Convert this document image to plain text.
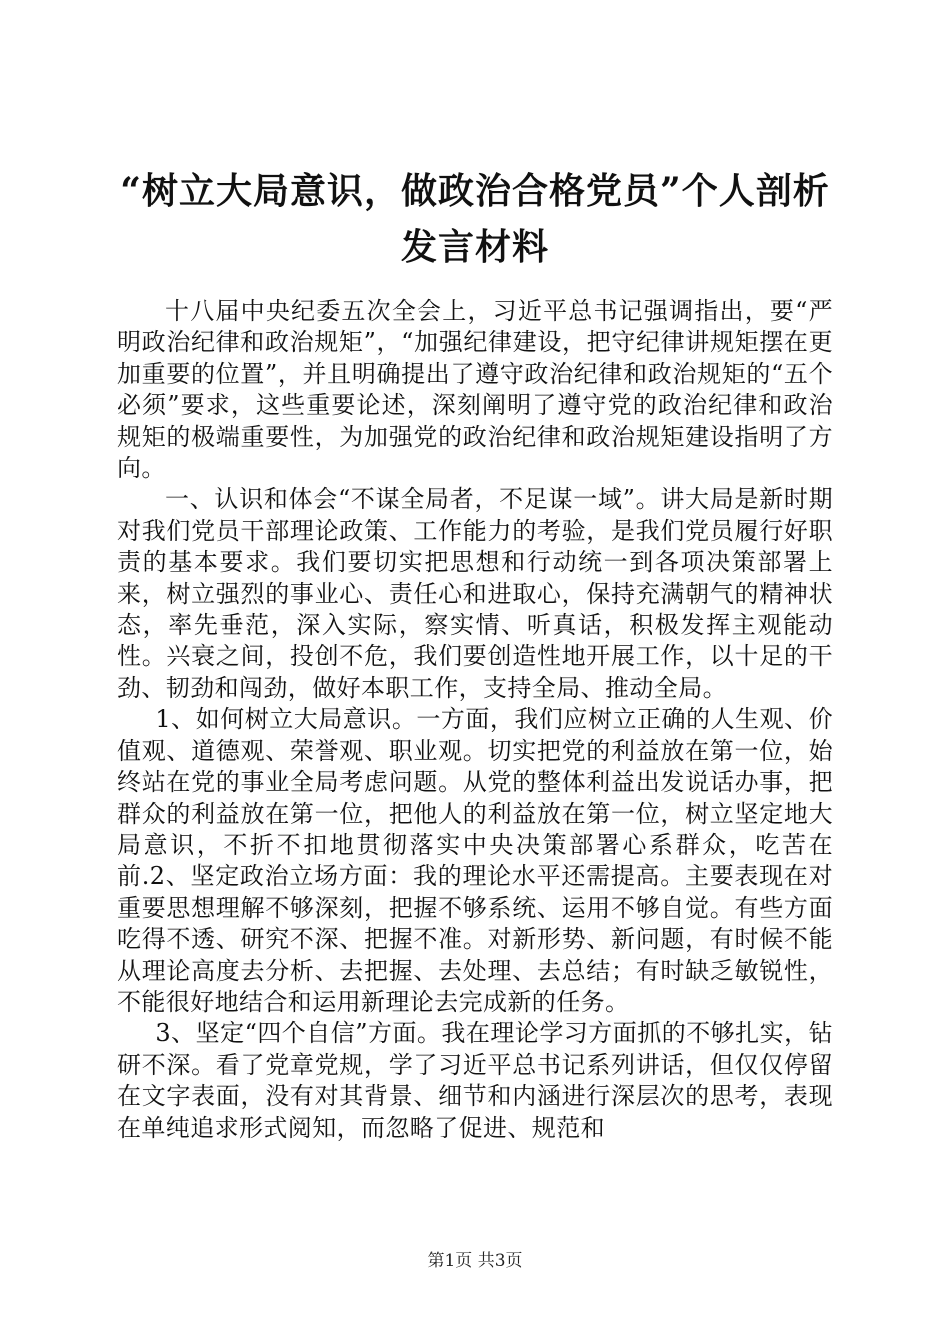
“树立大局意识，做政治合格党员”个人剖析
发言材料

十八届中央纪委五次全会上，习近平总书记强调指出，要“严明政治纪律和政治规矩”，“加强纪律建设，把守纪律讲规矩摆在更加重要的位置”，并且明确提出了遵守政治纪律和政治规矩的“五个必须”要求，这些重要论述，深刻阐明了遵守党的政治纪律和政治规矩的极端重要性，为加强党的政治纪律和政治规矩建设指明了方向。

一、认识和体会“不谋全局者，不足谋一域”。讲大局是新时期对我们党员干部理论政策、工作能力的考验，是我们党员履行好职责的基本要求。我们要切实把思想和行动统一到各项决策部署上来，树立强烈的事业心、责任心和进取心，保持充满朝气的精神状态，率先垂范，深入实际，察实情、听真话，积极发挥主观能动性。兴衰之间，投创不危，我们要创造性地开展工作，以十足的干劲、韧劲和闯劲，做好本职工作，支持全局、推动全局。

1、如何树立大局意识。一方面，我们应树立正确的人生观、价值观、道德观、荣誉观、职业观。切实把党的利益放在第一位，始终站在党的事业全局考虑问题。从党的整体利益出发说话办事，把群众的利益放在第一位，把他人的利益放在第一位，树立坚定地大局意识，不折不扣地贯彻落实中央决策部署心系群众，吃苦在前.2、坚定政治立场方面：我的理论水平还需提高。主要表现在对重要思想理解不够深刻，把握不够系统、运用不够自觉。有些方面吃得不透、研究不深、把握不准。对新形势、新问题，有时候不能从理论高度去分析、去把握、去处理、去总结；有时缺乏敏锐性，不能很好地结合和运用新理论去完成新的任务。

3、坚定“四个自信”方面。我在理论学习方面抓的不够扎实，钻研不深。看了党章党规，学了习近平总书记系列讲话，但仅仅停留在文字表面，没有对其背景、细节和内涵进行深层次的思考，表现在单纯追求形式阅知，而忽略了促进、规范和

第1页 共3页
